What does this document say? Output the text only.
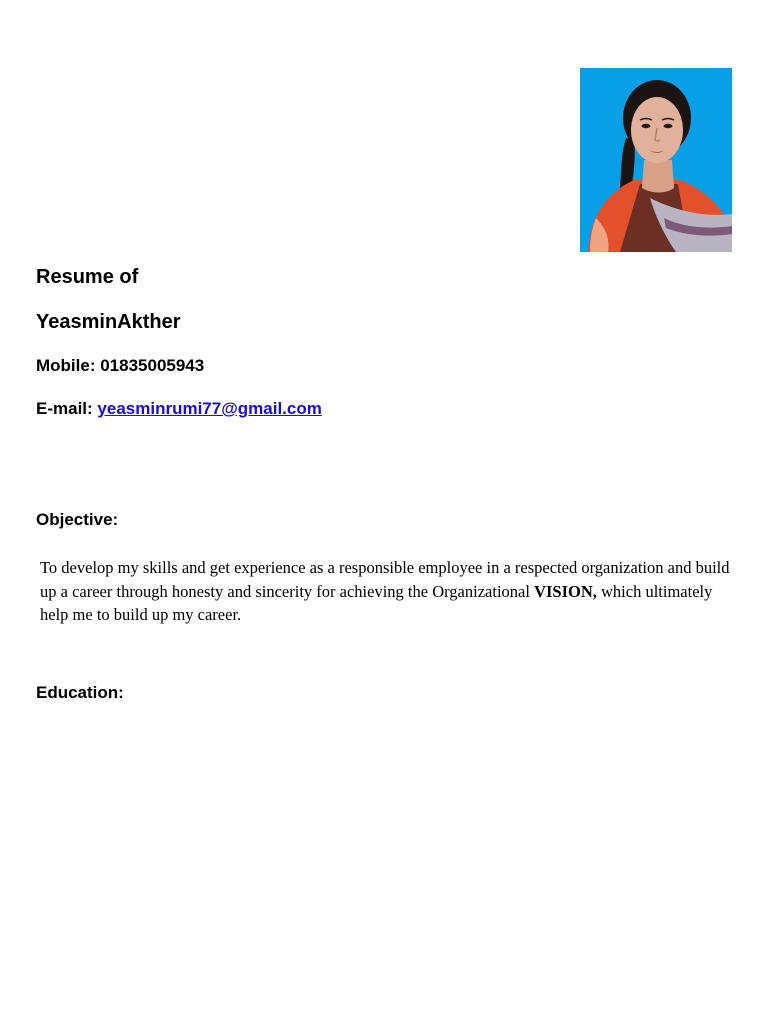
Resume of
YeasminAkther
Mobile: 01835005943
E-mail: yeasminrumi77@gmail.com
Objective:
To develop my skills and get experience as a responsible employee in a respected organization and build up a career through honesty and sincerity for achieving the Organizational VISION, which ultimately help me to build up my career.
Education:
